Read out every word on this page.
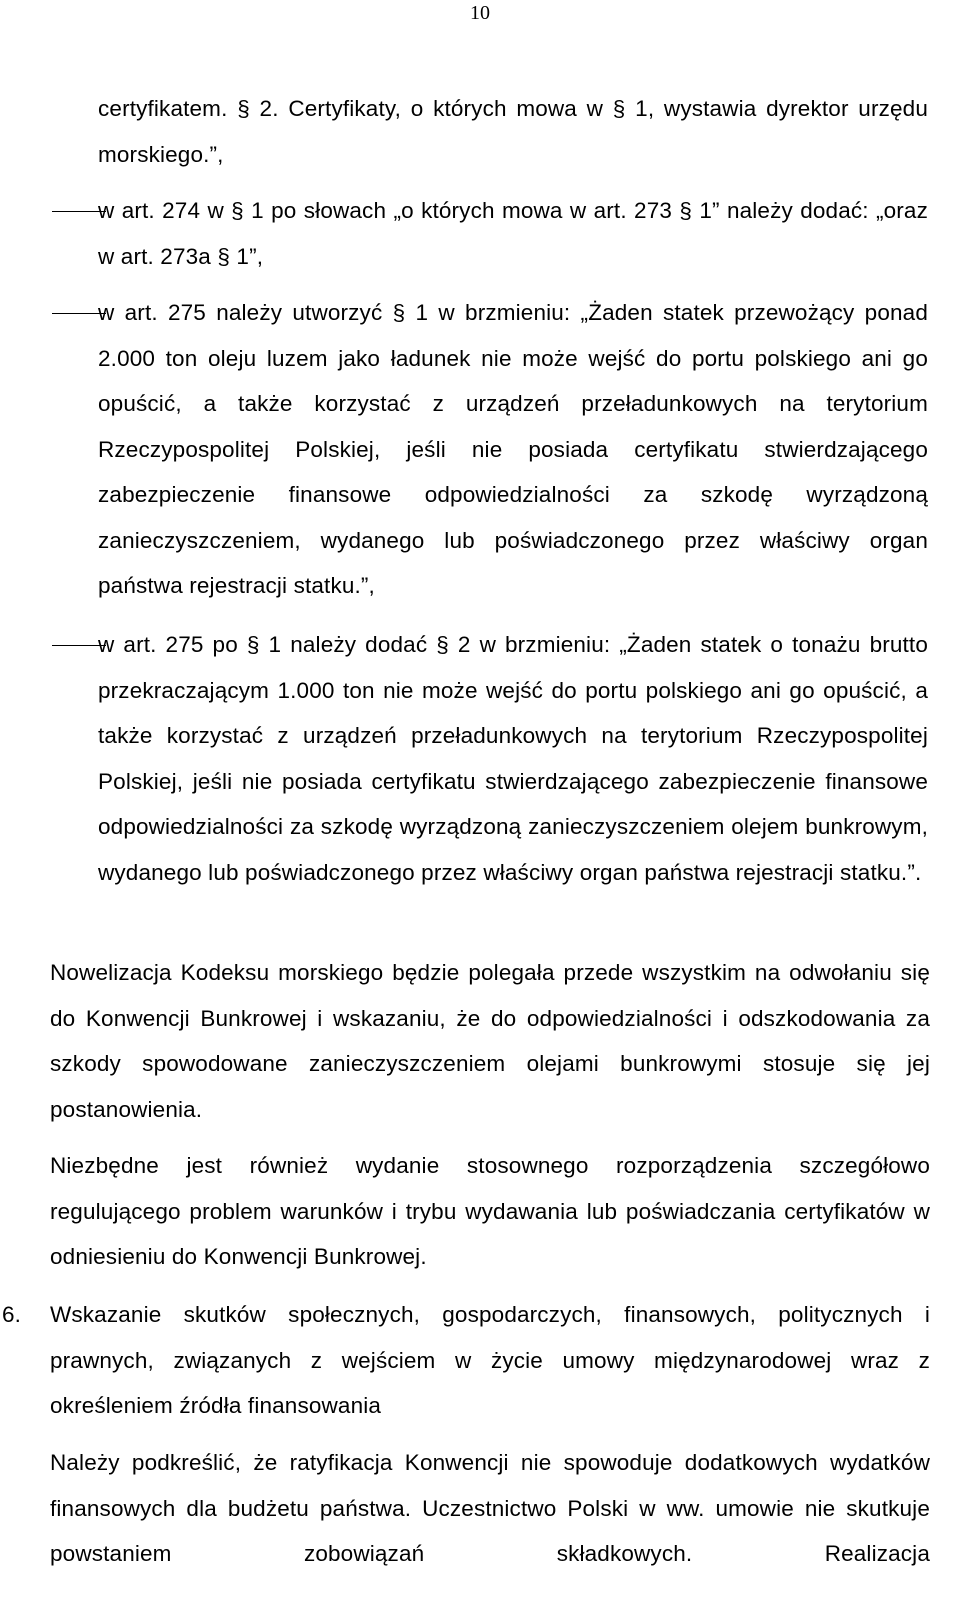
10
certyfikatem. § 2. Certyfikaty, o których mowa w § 1, wystawia dyrektor urzędu morskiego.”,
w art. 274 w § 1 po słowach „o których mowa w art. 273 § 1” należy dodać: „oraz w art. 273a § 1”,
w art. 275 należy utworzyć § 1 w brzmieniu: „Żaden statek przewożący ponad 2.000 ton oleju luzem jako ładunek nie może wejść do portu polskiego ani go opuścić, a także korzystać z urządzeń przeładunkowych na terytorium Rzeczypospolitej Polskiej, jeśli nie posiada certyfikatu stwierdzającego zabezpieczenie finansowe odpowiedzialności za szkodę wyrządzoną zanieczyszczeniem, wydanego lub poświadczonego przez właściwy organ państwa rejestracji statku.”,
w art. 275 po § 1 należy dodać § 2 w brzmieniu: „Żaden statek o tonażu brutto przekraczającym 1.000 ton nie może wejść do portu polskiego ani go opuścić, a także korzystać z urządzeń przeładunkowych na terytorium Rzeczypospolitej Polskiej, jeśli nie posiada certyfikatu stwierdzającego zabezpieczenie finansowe odpowiedzialności za szkodę wyrządzoną zanieczyszczeniem olejem bunkrowym, wydanego lub poświadczonego przez właściwy organ państwa rejestracji statku.”.
Nowelizacja Kodeksu morskiego będzie polegała przede wszystkim na odwołaniu się do Konwencji Bunkrowej i wskazaniu, że do odpowiedzialności i odszkodowania za szkody spowodowane zanieczyszczeniem olejami bunkrowymi stosuje się jej postanowienia.
Niezbędne jest również wydanie stosownego rozporządzenia szczegółowo regulującego problem warunków i trybu wydawania lub poświadczania certyfikatów w odniesieniu do Konwencji Bunkrowej.
6. Wskazanie skutków społecznych, gospodarczych, finansowych, politycznych i prawnych, związanych z wejściem w życie umowy międzynarodowej wraz z określeniem źródła finansowania
Należy podkreślić, że ratyfikacja Konwencji nie spowoduje dodatkowych wydatków finansowych dla budżetu państwa. Uczestnictwo Polski w ww. umowie nie skutkuje powstaniem zobowiązań składkowych. Realizacja
